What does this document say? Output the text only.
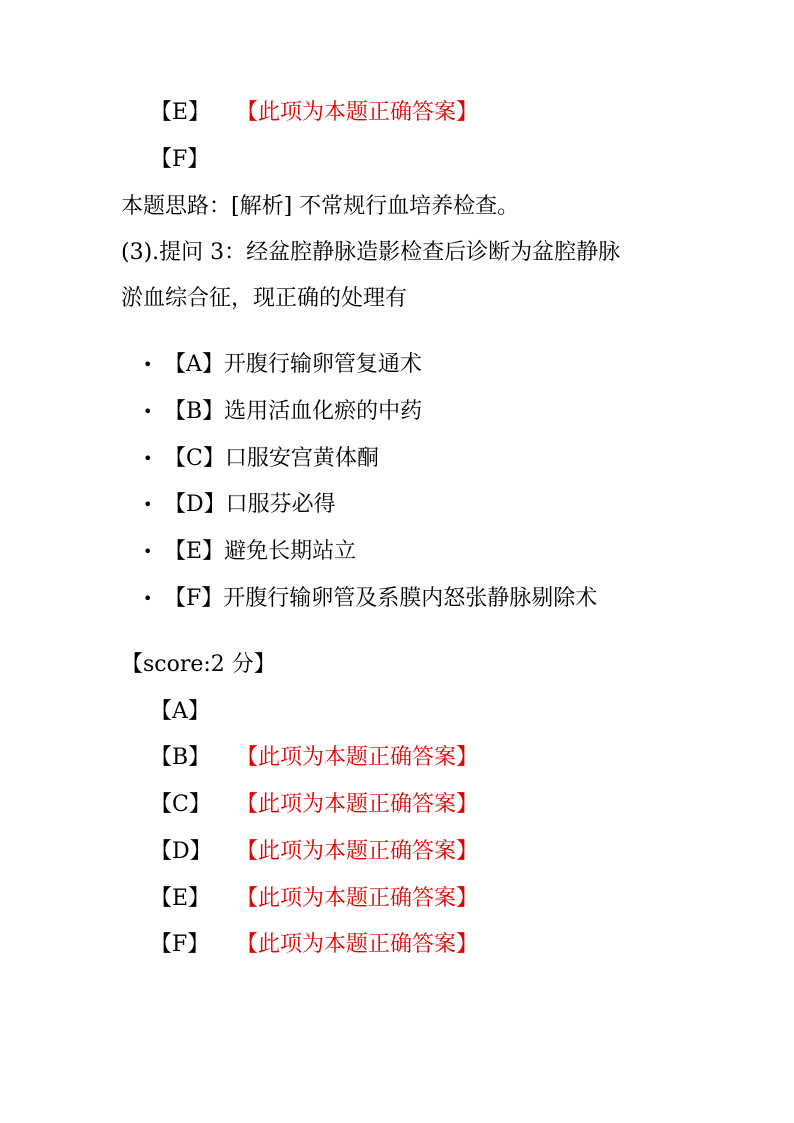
【E】 【此项为本题正确答案】
【F】
本题思路：[解析] 不常规行血培养检查。
(3).提问 3：经盆腔静脉造影检查后诊断为盆腔静脉
淤血综合征，现正确的处理有
• 【A】开腹行输卵管复通术
• 【B】选用活血化瘀的中药
• 【C】口服安宫黄体酮
• 【D】口服芬必得
• 【E】避免长期站立
• 【F】开腹行输卵管及系膜内怒张静脉剔除术
【score:2 分】
【A】
【B】 【此项为本题正确答案】
【C】 【此项为本题正确答案】
【D】 【此项为本题正确答案】
【E】 【此项为本题正确答案】
【F】 【此项为本题正确答案】
